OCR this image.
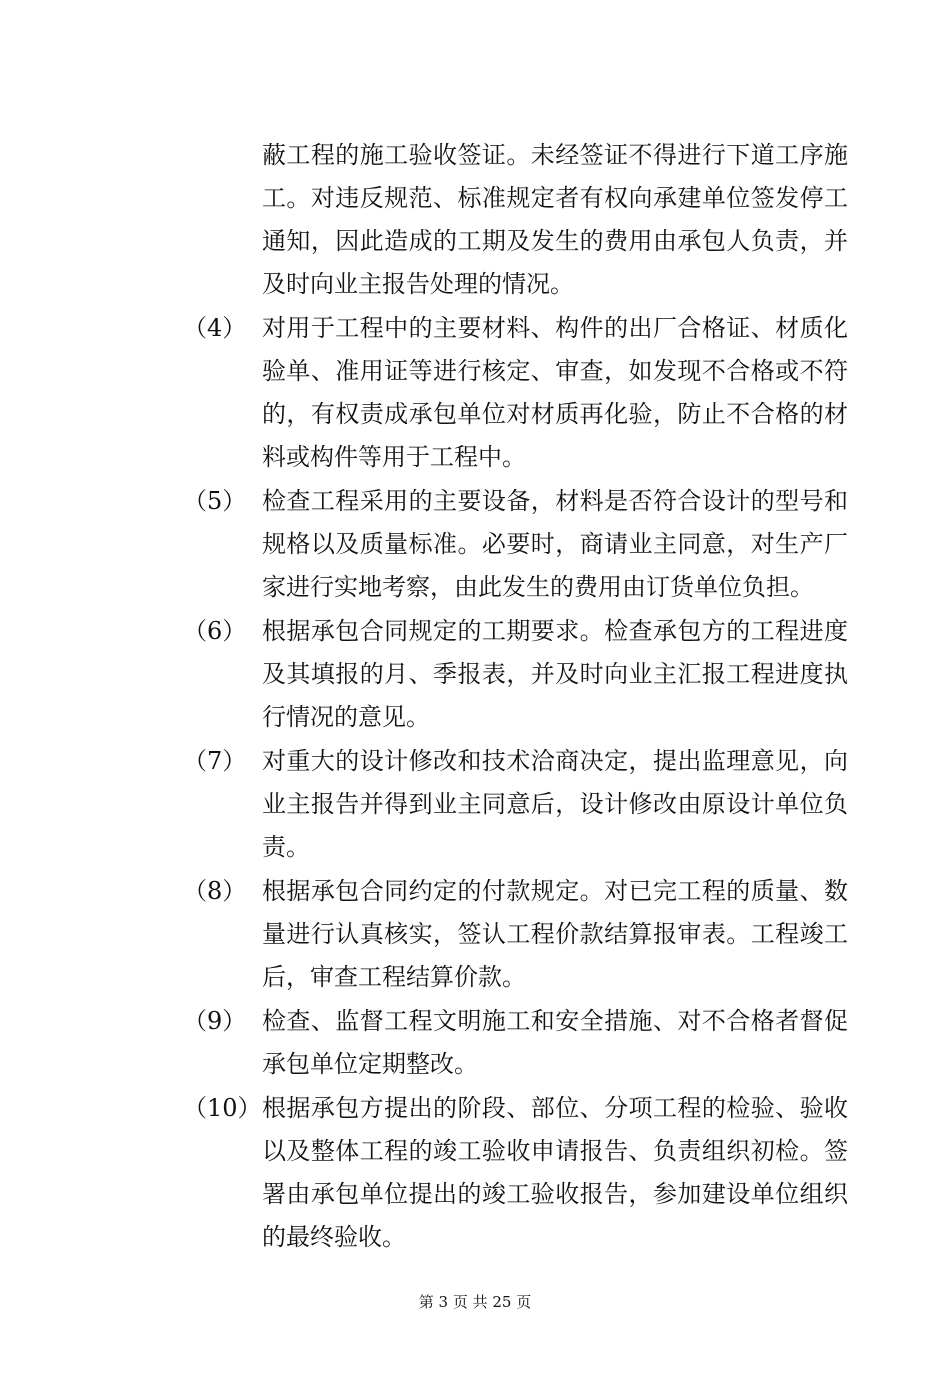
蔽工程的施工验收签证。未经签证不得进行下道工序施工。对违反规范、标准规定者有权向承建单位签发停工通知，因此造成的工期及发生的费用由承包人负责，并及时向业主报告处理的情况。
（4） 对用于工程中的主要材料、构件的出厂合格证、材质化验单、准用证等进行核定、审查，如发现不合格或不符的，有权责成承包单位对材质再化验，防止不合格的材料或构件等用于工程中。
（5） 检查工程采用的主要设备，材料是否符合设计的型号和规格以及质量标准。必要时，商请业主同意，对生产厂家进行实地考察，由此发生的费用由订货单位负担。
（6） 根据承包合同规定的工期要求。检查承包方的工程进度及其填报的月、季报表，并及时向业主汇报工程进度执行情况的意见。
（7） 对重大的设计修改和技术洽商决定，提出监理意见，向业主报告并得到业主同意后，设计修改由原设计单位负责。
（8） 根据承包合同约定的付款规定。对已完工程的质量、数量进行认真核实，签认工程价款结算报审表。工程竣工后，审查工程结算价款。
（9） 检查、监督工程文明施工和安全措施、对不合格者督促承包单位定期整改。
（10） 根据承包方提出的阶段、部位、分项工程的检验、验收以及整体工程的竣工验收申请报告、负责组织初检。签署由承包单位提出的竣工验收报告，参加建设单位组织的最终验收。
第 3 页 共 25 页
